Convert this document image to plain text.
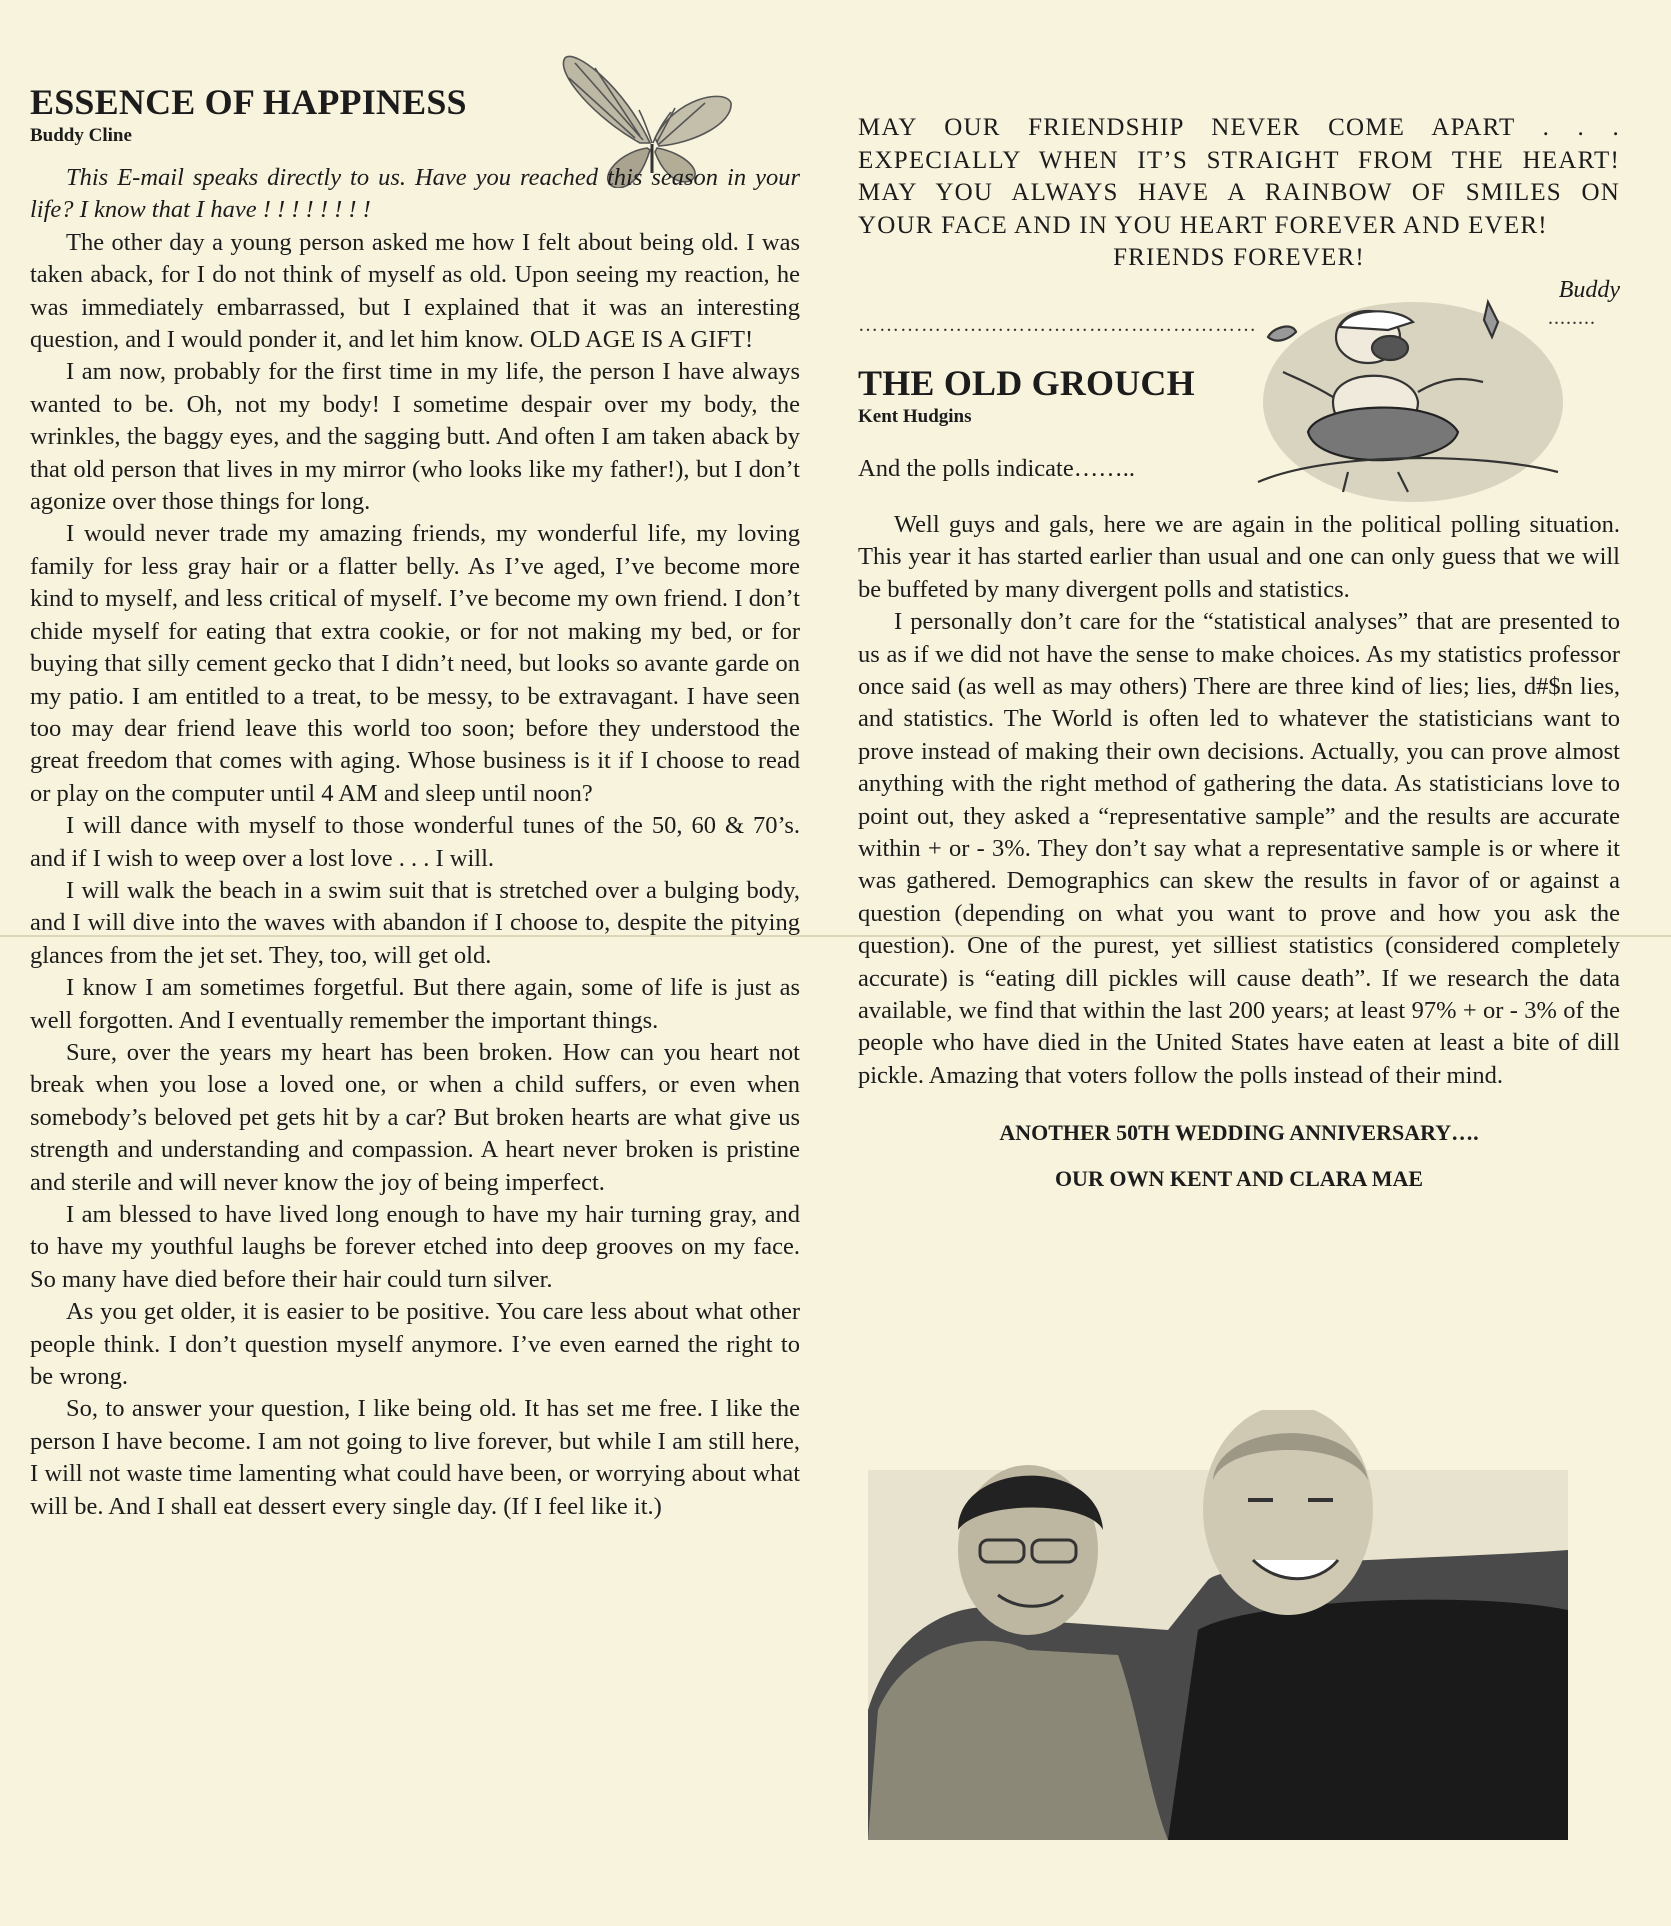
ESSENCE OF HAPPINESS
Buddy Cline

This E-mail speaks directly to us. Have you reached this season in your life? I know that I have ! ! ! ! ! ! ! !

The other day a young person asked me how I felt about being old. I was taken aback, for I do not think of myself as old. Upon seeing my reaction, he was immediately embarrassed, but I explained that it was an interesting question, and I would ponder it, and let him know. OLD AGE IS A GIFT!

I am now, probably for the first time in my life, the person I have always wanted to be. Oh, not my body! I sometime despair over my body, the wrinkles, the baggy eyes, and the sagging butt. And often I am taken aback by that old person that lives in my mirror (who looks like my father!), but I don’t agonize over those things for long.

I would never trade my amazing friends, my wonderful life, my loving family for less gray hair or a flatter belly. As I’ve aged, I’ve become more kind to myself, and less critical of myself. I’ve become my own friend. I don’t chide myself for eating that extra cookie, or for not making my bed, or for buying that silly cement gecko that I didn’t need, but looks so avante garde on my patio. I am entitled to a treat, to be messy, to be extravagant. I have seen too may dear friend leave this world too soon; before they understood the great freedom that comes with aging. Whose business is it if I choose to read or play on the computer until 4 AM and sleep until noon?

I will dance with myself to those wonderful tunes of the 50, 60 & 70’s. and if I wish to weep over a lost love . . . I will.

I will walk the beach in a swim suit that is stretched over a bulging body, and I will dive into the waves with abandon if I choose to, despite the pitying glances from the jet set. They, too, will get old.

I know I am sometimes forgetful. But there again, some of life is just as well forgotten. And I eventually remember the important things.

Sure, over the years my heart has been broken. How can you heart not break when you lose a loved one, or when a child suffers, or even when somebody’s beloved pet gets hit by a car? But broken hearts are what give us strength and understanding and compassion. A heart never broken is pristine and sterile and will never know the joy of being imperfect.

I am blessed to have lived long enough to have my hair turning gray, and to have my youthful laughs be forever etched into deep grooves on my face. So many have died before their hair could turn silver.

As you get older, it is easier to be positive. You care less about what other people think. I don’t question myself anymore. I’ve even earned the right to be wrong.

So, to answer your question, I like being old. It has set me free. I like the person I have become. I am not going to live forever, but while I am still here, I will not waste time lamenting what could have been, or worrying about what will be. And I shall eat dessert every single day. (If I feel like it.)

MAY OUR FRIENDSHIP NEVER COME APART . . .

EXPECIALLY WHEN IT’S STRAIGHT FROM THE HEART!

MAY YOU ALWAYS HAVE A RAINBOW OF SMILES ON

YOUR FACE AND IN YOU HEART FOREVER AND EVER!

FRIENDS FOREVER!

Buddy
…………………………………………………
THE OLD GROUCH
Kent Hudgins
And the polls indicate……..

Well guys and gals, here we are again in the political polling situation. This year it has started earlier than usual and one can only guess that we will be buffeted by many divergent polls and statistics.

I personally don’t care for the “statistical analyses” that are presented to us as if we did not have the sense to make choices. As my statistics professor once said (as well as may others) There are three kind of lies; lies, d#$n lies, and statistics. The World is often led to whatever the statisticians want to prove instead of making their own decisions. Actually, you can prove almost anything with the right method of gathering the data. As statisticians love to point out, they asked a “representative sample” and the results are accurate within + or - 3%. They don’t say what a representative sample is or where it was gathered. Demographics can skew the results in favor of or against a question (depending on what you want to prove and how you ask the question). One of the purest, yet silliest statistics (considered completely accurate) is “eating dill pickles will cause death”. If we research the data available, we find that within the last 200 years; at least 97% + or - 3% of the people who have died in the United States have eaten at least a bite of dill pickle. Amazing that voters follow the polls instead of their mind.

ANOTHER 50TH WEDDING ANNIVERSARY….

OUR OWN KENT AND CLARA MAE

........
